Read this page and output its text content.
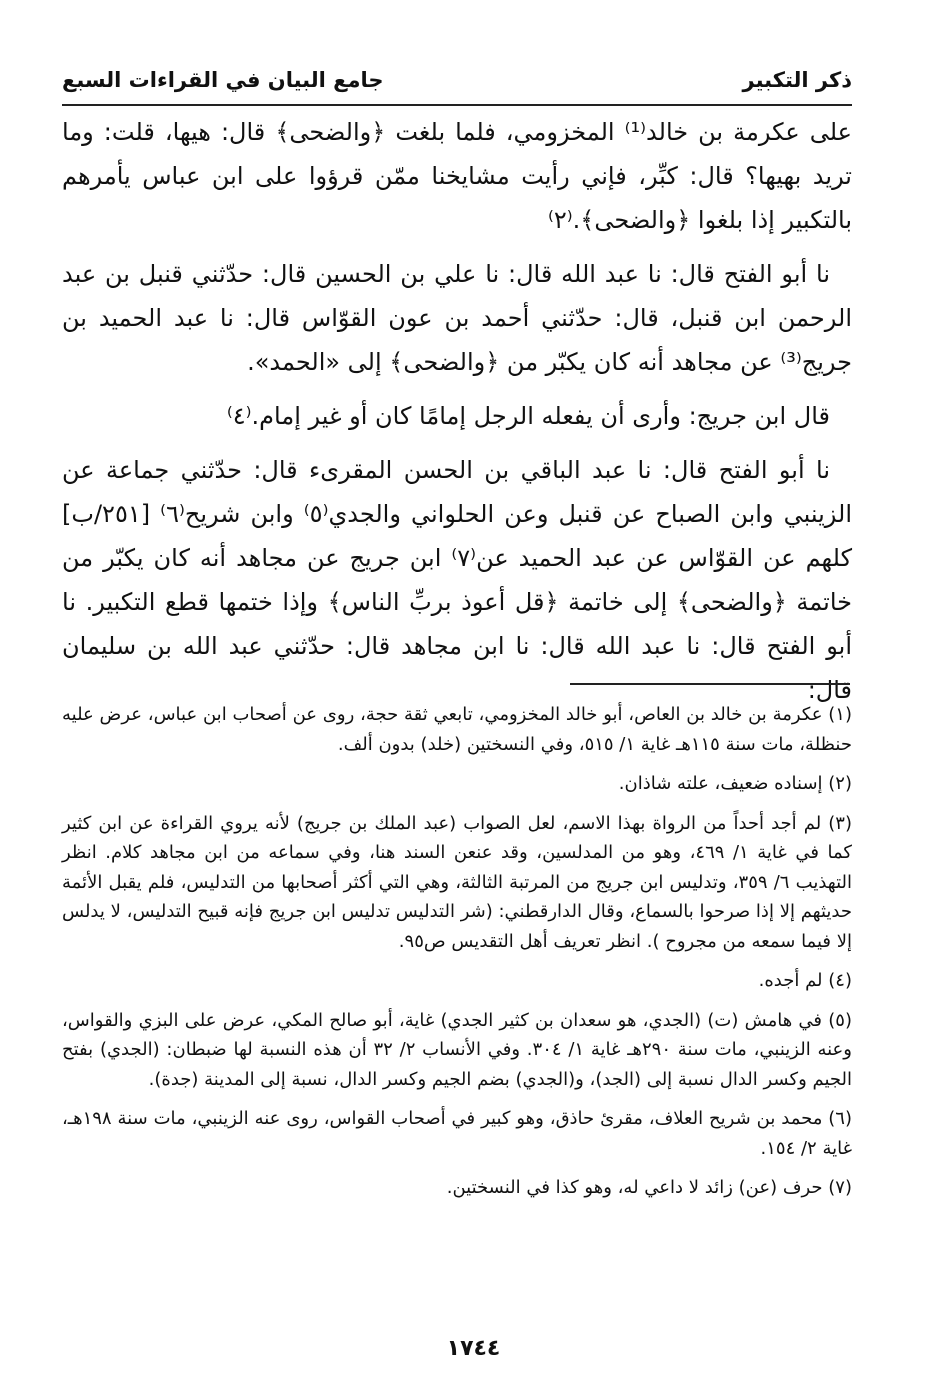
ذكر التكبير
جامع البيان في القراءات السبع

على عكرمة بن خالد⁽¹⁾ المخزومي، فلما بلغت ﴿والضحى﴾ قال: هيها، قلت: وما تريد بهيها؟ قال: كبِّر، فإني رأيت مشايخنا ممّن قرؤوا على ابن عباس يأمرهم بالتكبير إذا بلغوا ﴿والضحى﴾.⁽٢⁾

نا أبو الفتح قال: نا عبد الله قال: نا علي بن الحسين قال: حدّثني قنبل بن عبد الرحمن ابن قنبل، قال: حدّثني أحمد بن عون القوّاس قال: نا عبد الحميد بن جريج⁽³⁾ عن مجاهد أنه كان يكبّر من ﴿والضحى﴾ إلى «الحمد».

قال ابن جريج: وأرى أن يفعله الرجل إمامًا كان أو غير إمام.⁽٤⁾

نا أبو الفتح قال: نا عبد الباقي بن الحسن المقرىء قال: حدّثني جماعة عن الزينبي وابن الصباح عن قنبل وعن الحلواني والجدي⁽٥⁾ وابن شريح⁽٦⁾ [٢٥١/ب] كلهم عن القوّاس عن عبد الحميد عن⁽٧⁾ ابن جريج عن مجاهد أنه كان يكبّر من خاتمة ﴿والضحى﴾ إلى خاتمة ﴿قل أعوذ بربِّ الناس﴾ وإذا ختمها قطع التكبير. نا أبو الفتح قال: نا عبد الله قال: نا ابن مجاهد قال: حدّثني عبد الله بن سليمان قال:

(١) عكرمة بن خالد بن العاص، أبو خالد المخزومي، تابعي ثقة حجة، روى عن أصحاب ابن عباس، عرض عليه حنظلة، مات سنة ١١٥هـ غاية ١/ ٥١٥، وفي النسختين (خلد) بدون ألف.

(٢) إسناده ضعيف، علته شاذان.

(٣) لم أجد أحداً من الرواة بهذا الاسم، لعل الصواب (عبد الملك بن جريج) لأنه يروي القراءة عن ابن كثير كما في غاية ١/ ٤٦٩، وهو من المدلسين، وقد عنعن السند هنا، وفي سماعه من ابن مجاهد كلام. انظر التهذيب ٦/ ٣٥٩، وتدليس ابن جريج من المرتبة الثالثة، وهي التي أكثر أصحابها من التدليس، فلم يقبل الأئمة حديثهم إلا إذا صرحوا بالسماع، وقال الدارقطني: (شر التدليس تدليس ابن جريج فإنه قبيح التدليس، لا يدلس إلا فيما سمعه من مجروح ). انظر تعريف أهل التقديس ص٩٥.

(٤) لم أجده.

(٥) في هامش (ت) (الجدي، هو سعدان بن كثير الجدي) غاية، أبو صالح المكي، عرض على البزي والقواس، وعنه الزينبي، مات سنة ٢٩٠هـ غاية ١/ ٣٠٤. وفي الأنساب ٢/ ٣٢ أن هذه النسبة لها ضبطان: (الجدي) بفتح الجيم وكسر الدال نسبة إلى (الجد)، و(الجدي) بضم الجيم وكسر الدال، نسبة إلى المدينة (جدة).

(٦) محمد بن شريح العلاف، مقرئ حاذق، وهو كبير في أصحاب القواس، روى عنه الزينبي، مات سنة ١٩٨هـ، غاية ٢/ ١٥٤.

(٧) حرف (عن) زائد لا داعي له، وهو كذا في النسختين.

١٧٤٤
